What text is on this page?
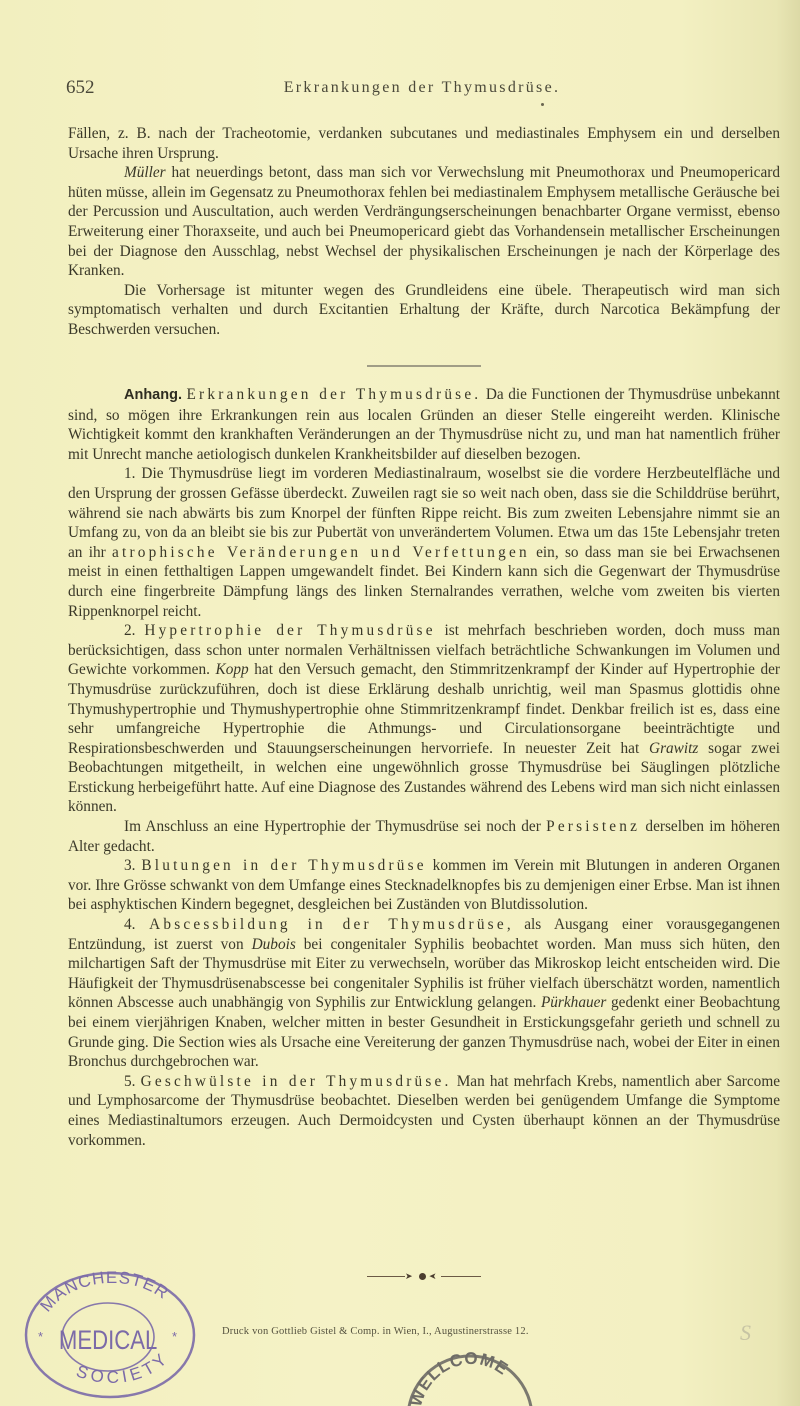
652	Erkrankungen der Thymusdrüse.

Fällen, z. B. nach der Tracheotomie, verdanken subcutanes und mediastinales Emphysem ein und derselben Ursache ihren Ursprung.

Müller hat neuerdings betont, dass man sich vor Verwechslung mit Pneumothorax und Pneumopericard hüten müsse, allein im Gegensatz zu Pneumothorax fehlen bei mediastinalem Emphysem metallische Geräusche bei der Percussion und Auscultation, auch werden Verdrängungserscheinungen benachbarter Organe vermisst, ebenso Erweiterung einer Thoraxseite, und auch bei Pneumopericard giebt das Vorhandensein metallischer Erscheinungen bei der Diagnose den Ausschlag, nebst Wechsel der physikalischen Erscheinungen je nach der Körperlage des Kranken.

Die Vorhersage ist mitunter wegen des Grundleidens eine übele. Therapeutisch wird man sich symptomatisch verhalten und durch Excitantien Erhaltung der Kräfte, durch Narcotica Bekämpfung der Beschwerden versuchen.

Anhang. Erkrankungen der Thymusdrüse. Da die Functionen der Thymusdrüse unbekannt sind, so mögen ihre Erkrankungen rein aus localen Gründen an dieser Stelle eingereiht werden. Klinische Wichtigkeit kommt den krankhaften Veränderungen an der Thymusdrüse nicht zu, und man hat namentlich früher mit Unrecht manche aetiologisch dunkelen Krankheitsbilder auf dieselben bezogen.

1. Die Thymusdrüse liegt im vorderen Mediastinalraum, woselbst sie die vordere Herzbeutelfläche und den Ursprung der grossen Gefässe überdeckt. Zuweilen ragt sie so weit nach oben, dass sie die Schilddrüse berührt, während sie nach abwärts bis zum Knorpel der fünften Rippe reicht. Bis zum zweiten Lebensjahre nimmt sie an Umfang zu, von da an bleibt sie bis zur Pubertät von unverändertem Volumen. Etwa um das 15te Lebensjahr treten an ihr atrophische Veränderungen und Verfettungen ein, so dass man sie bei Erwachsenen meist in einen fetthaltigen Lappen umgewandelt findet. Bei Kindern kann sich die Gegenwart der Thymusdrüse durch eine fingerbreite Dämpfung längs des linken Sternalrandes verrathen, welche vom zweiten bis vierten Rippenknorpel reicht.

2. Hypertrophie der Thymusdrüse ist mehrfach beschrieben worden, doch muss man berücksichtigen, dass schon unter normalen Verhältnissen vielfach beträchtliche Schwankungen im Volumen und Gewichte vorkommen. Kopp hat den Versuch gemacht, den Stimmritzenkrampf der Kinder auf Hypertrophie der Thymusdrüse zurückzuführen, doch ist diese Erklärung deshalb unrichtig, weil man Spasmus glottidis ohne Thymushypertrophie und Thymushypertrophie ohne Stimmritzenkrampf findet. Denkbar freilich ist es, dass eine sehr umfangreiche Hypertrophie die Athmungs- und Circulationsorgane beeinträchtigte und Respirationsbeschwerden und Stauungserscheinungen hervorriefe. In neuester Zeit hat Grawitz sogar zwei Beobachtungen mitgetheilt, in welchen eine ungewöhnlich grosse Thymusdrüse bei Säuglingen plötzliche Erstickung herbeigeführt hatte. Auf eine Diagnose des Zustandes während des Lebens wird man sich nicht einlassen können.

Im Anschluss an eine Hypertrophie der Thymusdrüse sei noch der Persistenz derselben im höheren Alter gedacht.

3. Blutungen in der Thymusdrüse kommen im Verein mit Blutungen in anderen Organen vor. Ihre Grösse schwankt von dem Umfange eines Stecknadelknopfes bis zu demjenigen einer Erbse. Man ist ihnen bei asphyktischen Kindern begegnet, desgleichen bei Zuständen von Blutdissolution.

4. Abscessbildung in der Thymusdrüse, als Ausgang einer vorausgegangenen Entzündung, ist zuerst von Dubois bei congenitaler Syphilis beobachtet worden. Man muss sich hüten, den milchartigen Saft der Thymusdrüse mit Eiter zu verwechseln, worüber das Mikroskop leicht entscheiden wird. Die Häufigkeit der Thymusdrüsenabscesse bei congenitaler Syphilis ist früher vielfach überschätzt worden, namentlich können Abscesse auch unabhängig von Syphilis zur Entwicklung gelangen. Pürkhauer gedenkt einer Beobachtung bei einem vierjährigen Knaben, welcher mitten in bester Gesundheit in Erstickungsgefahr gerieth und schnell zu Grunde ging. Die Section wies als Ursache eine Vereiterung der ganzen Thymusdrüse nach, wobei der Eiter in einen Bronchus durchgebrochen war.

5. Geschwülste in der Thymusdrüse. Man hat mehrfach Krebs, namentlich aber Sarcome und Lymphosarcome der Thymusdrüse beobachtet. Dieselben werden bei genügendem Umfange die Symptome eines Mediastinaltumors erzeugen. Auch Dermoidcysten und Cysten überhaupt können an der Thymusdrüse vorkommen.

➤ ➤
Druck von Gottlieb Gistel & Comp. in Wien, I., Augustinerstrasse 12.
MANCHESTER
MEDICAL
SOCIETY
*	*
WELLCOME
S
